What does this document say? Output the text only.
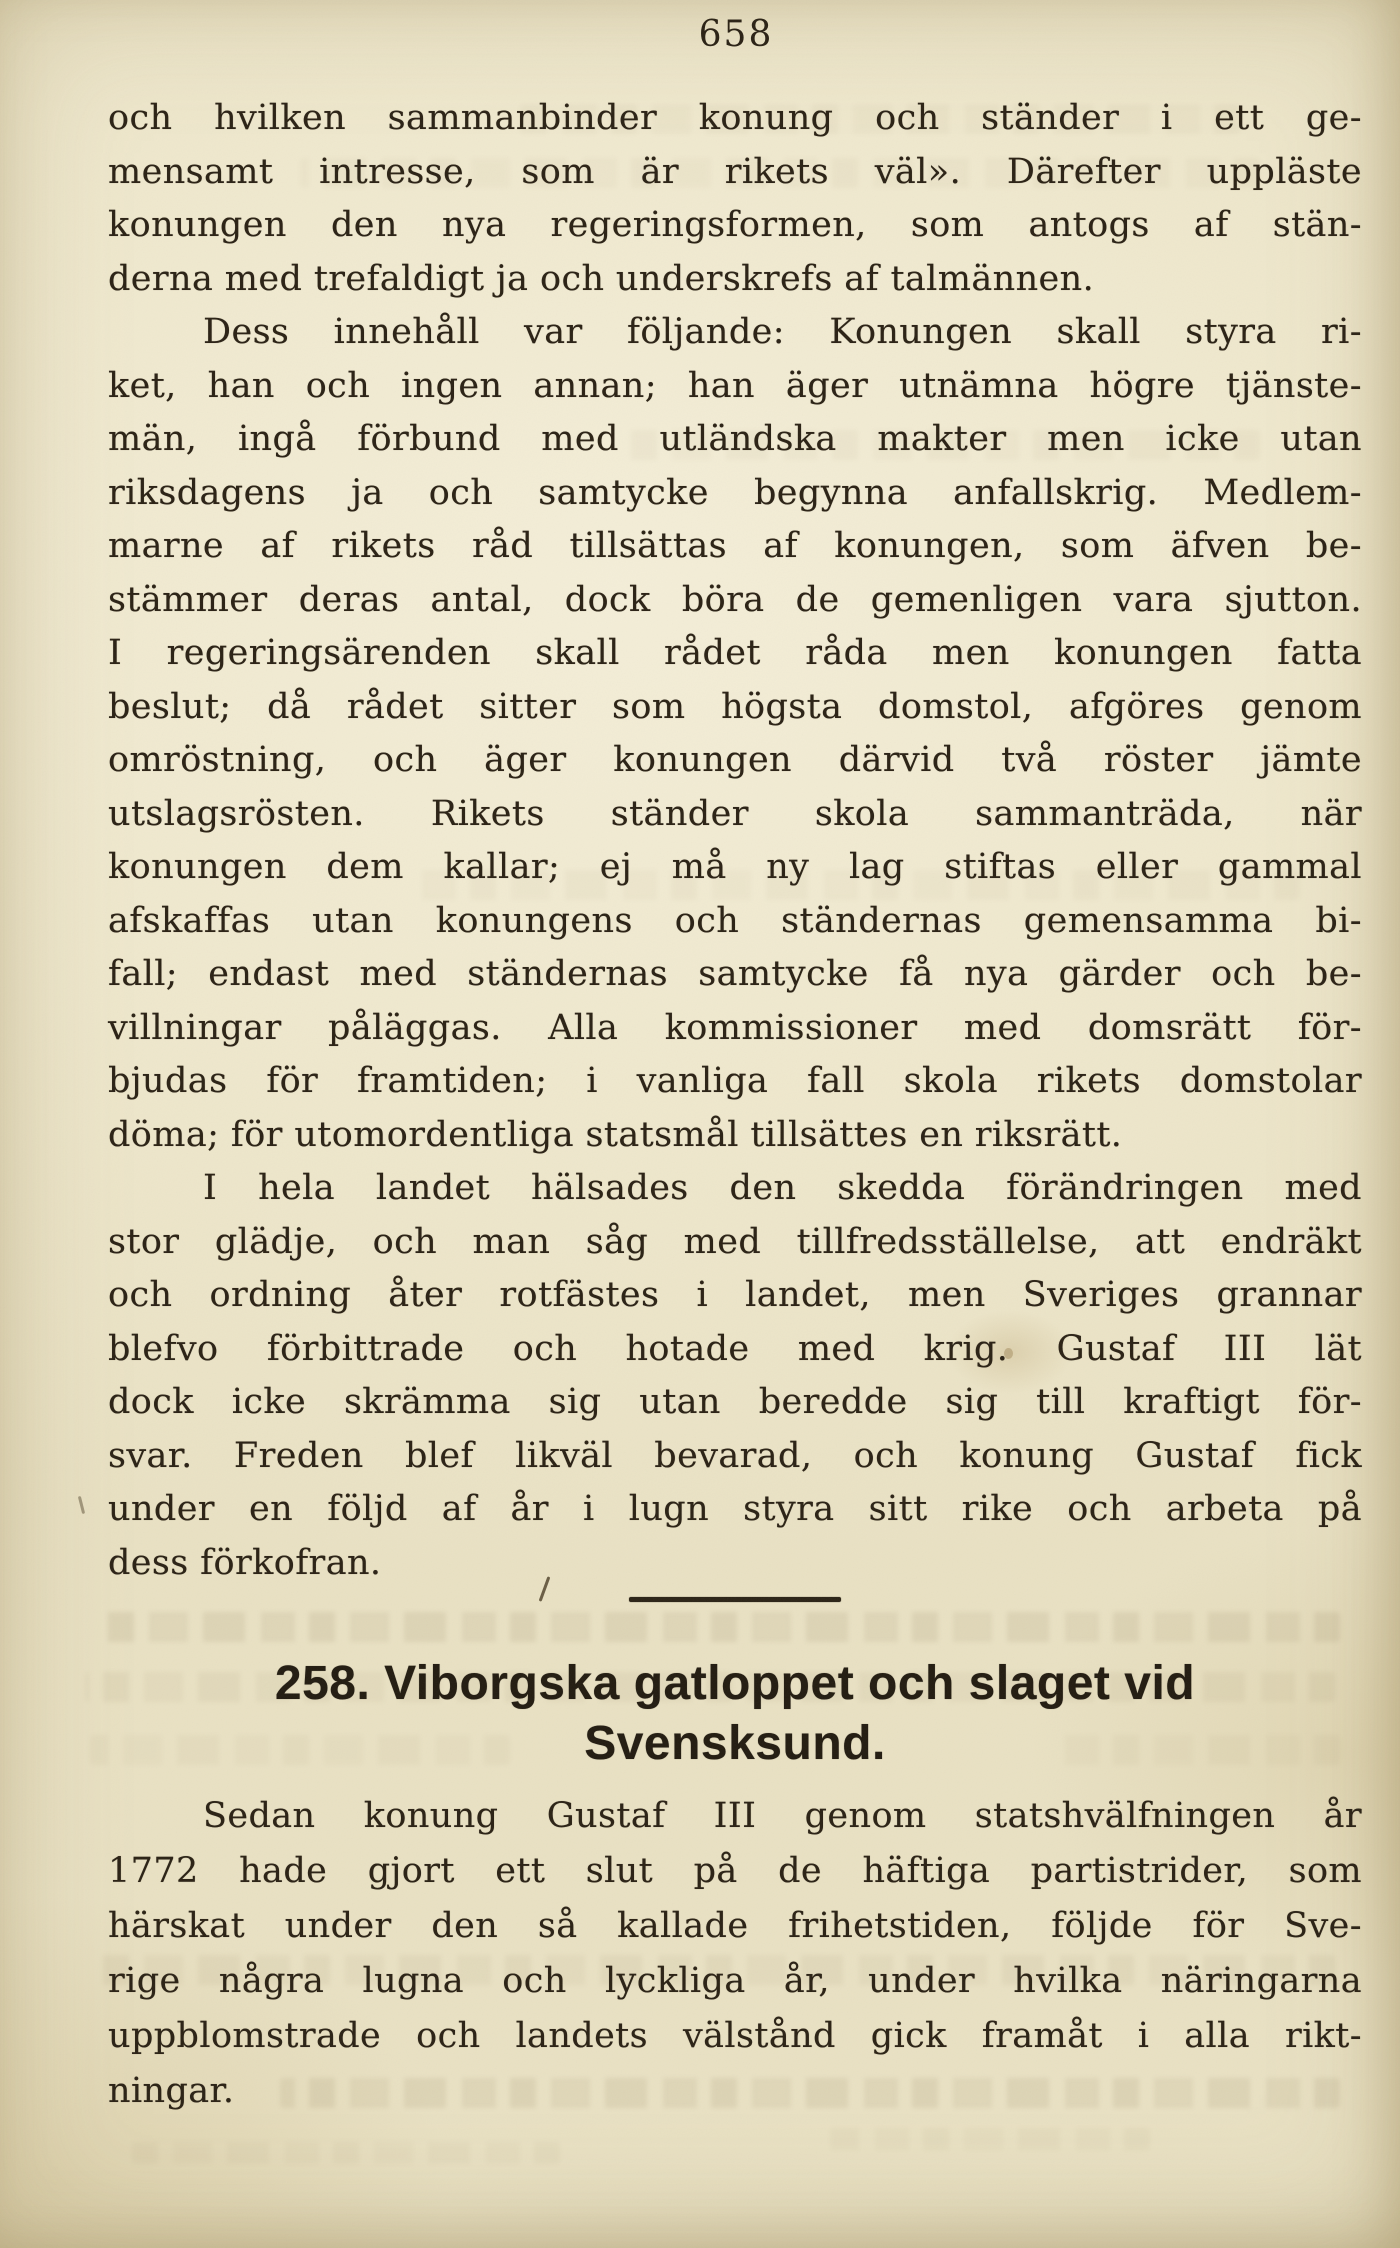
658
och hvilken sammanbinder konung och ständer i ett ge-
mensamt intresse, som är rikets väl». Därefter uppläste
konungen den nya regeringsformen, som antogs af stän-
derna med trefaldigt ja och underskrefs af talmännen.
Dess innehåll var följande: Konungen skall styra ri-
ket, han och ingen annan; han äger utnämna högre tjänste-
män, ingå förbund med utländska makter men icke utan
riksdagens ja och samtycke begynna anfallskrig. Medlem-
marne af rikets råd tillsättas af konungen, som äfven be-
stämmer deras antal, dock böra de gemenligen vara sjutton.
I regeringsärenden skall rådet råda men konungen fatta
beslut; då rådet sitter som högsta domstol, afgöres genom
omröstning, och äger konungen därvid två röster jämte
utslagsrösten. Rikets ständer skola sammanträda, när
konungen dem kallar; ej må ny lag stiftas eller gammal
afskaffas utan konungens och ständernas gemensamma bi-
fall; endast med ständernas samtycke få nya gärder och be-
villningar påläggas. Alla kommissioner med domsrätt för-
bjudas för framtiden; i vanliga fall skola rikets domstolar
döma; för utomordentliga statsmål tillsättes en riksrätt.
I hela landet hälsades den skedda förändringen med
stor glädje, och man såg med tillfredsställelse, att endräkt
och ordning åter rotfästes i landet, men Sveriges grannar
blefvo förbittrade och hotade med krig. Gustaf III lät
dock icke skrämma sig utan beredde sig till kraftigt för-
svar. Freden blef likväl bevarad, och konung Gustaf fick
under en följd af år i lugn styra sitt rike och arbeta på
dess förkofran.
258. Viborgska gatloppet och slaget vid
Svensksund.
Sedan konung Gustaf III genom statshvälfningen år
1772 hade gjort ett slut på de häftiga partistrider, som
härskat under den så kallade frihetstiden, följde för Sve-
rige några lugna och lyckliga år, under hvilka näringarna
uppblomstrade och landets välstånd gick framåt i alla rikt-
ningar.
